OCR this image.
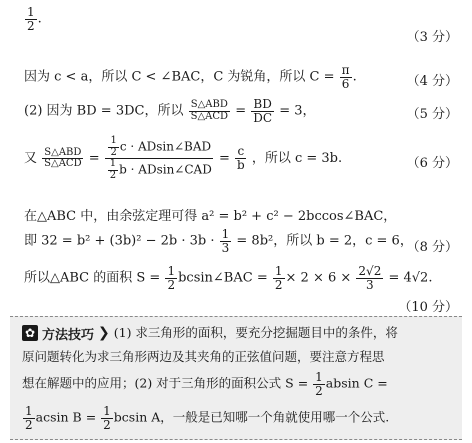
$\frac{1}{2}$ .
（3 分）
因为 c < a，所以 C < ∠BAC，C 为锐角，所以 $C = \frac{\pi}{6}$ .	（4 分）
(2) 因为 BD = 3DC，所以 $\frac{\text{S△ABD}}{\text{S△ACD}} = \frac{BD}{DC} = 3$，	（5 分）
又 $\frac{\text{S△ABD}}{\text{S△ACD}} = \frac{\frac{1}{2} c \cdot ADsin\angle BAD}{\frac{1}{2} b \cdot ADsin\angle CAD} = \frac{c}{b}$ ，所以 c = 3b.	（6 分）
在△ABC 中，由余弦定理可得 a² = b² + c² − 2bccos∠BAC，
即 $32 = b^2 + (3b)^2 - 2b \cdot 3b \cdot \frac{1}{3} = 8b^2$，所以 b = 2，c = 6，
（8 分）
所以△ABC 的面积 $S = \frac{1}{2}$ bcsin∠BAC = $\frac{1}{2} \times 2 \times 6 \times \frac{2√2}{3} = 4√2$.
（10 分）
✿ 方法技巧 ❯ (1) 求三角形的面积，要充分挖掘题目中的条件，将
原问题转化为求三角形两边及其夹角的正弦值问题，要注意方程思
想在解题中的应用；(2) 对于三角形的面积公式 $S = \frac{1}{2}$ absin C =
$\frac{1}{2}$ acsin $B = \frac{1}{2}$ bcsin A，一般是已知哪一个角就使用哪一个公式.
